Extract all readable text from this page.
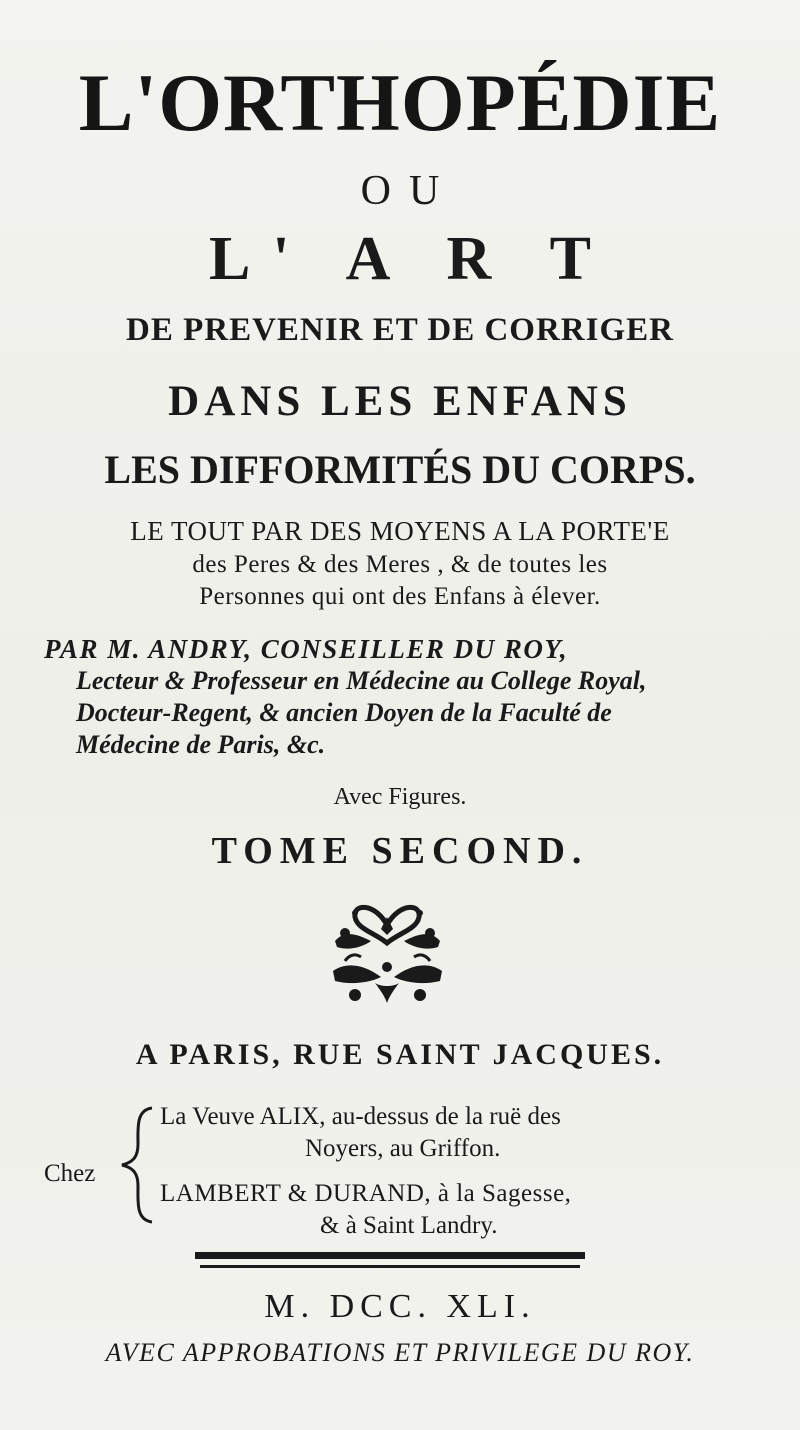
L'ORTHOPÉDIE
OU
L' A R T
DE PREVENIR ET DE CORRIGER
DANS LES ENFANS
LES DIFFORMITÉS DU CORPS.
LE TOUT PAR DES MOYENS A LA PORTE'E
des Peres & des Meres , & de toutes les
Personnes qui ont des Enfans à élever.
PAR M. ANDRY, CONSEILLER DU ROY,
Lecteur & Professeur en Médecine au College Royal,
Docteur-Regent, & ancien Doyen de la Faculté de
Médecine de Paris, &c.
Avec Figures.
TOME SECOND.
A PARIS, RUE SAINT JACQUES.
Chez
La Veuve ALIX, au-dessus de la ruë des
Noyers, au Griffon.
LAMBERT & DURAND, à la Sagesse,
& à Saint Landry.
M. DCC. XLI.
AVEC APPROBATIONS ET PRIVILEGE DU ROY.
